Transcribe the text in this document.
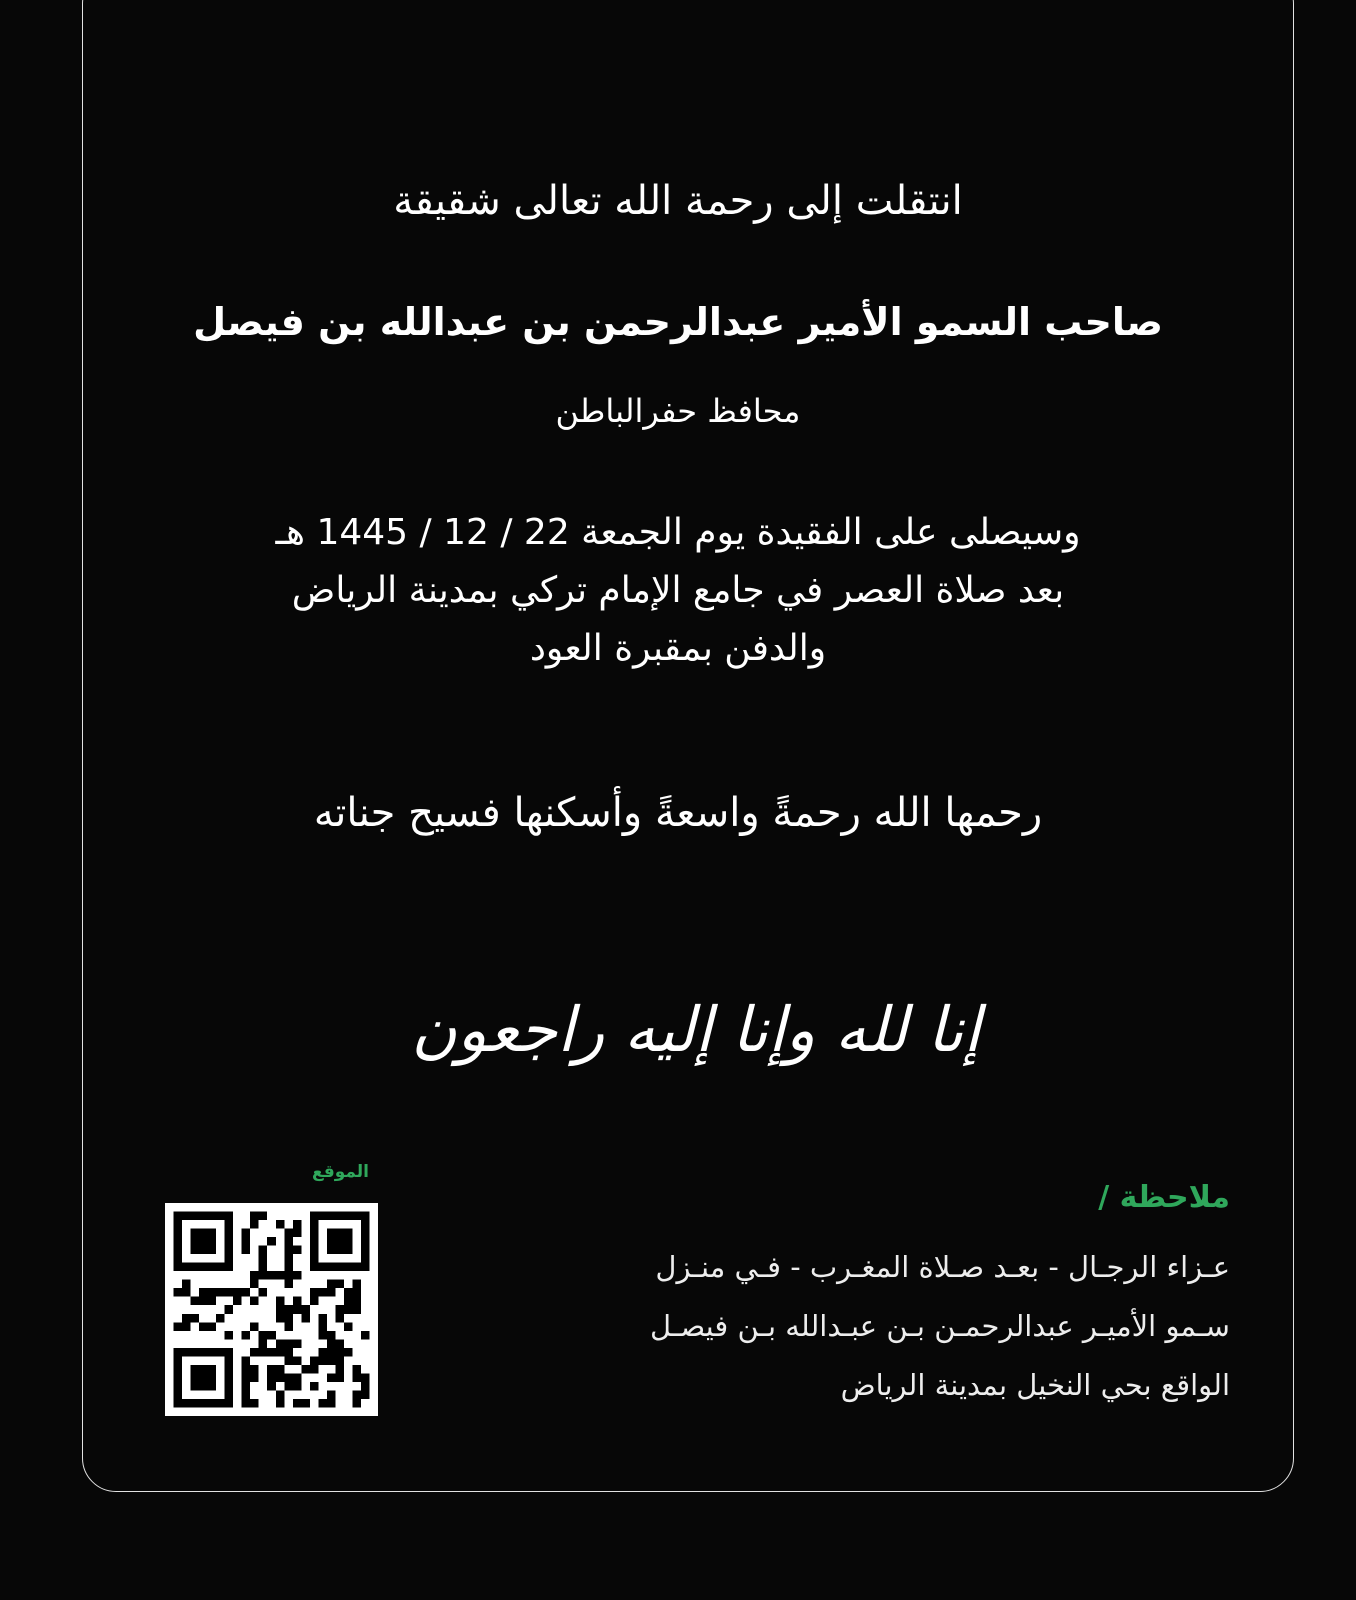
انتقلت إلى رحمة الله تعالى شقيقة
صاحب السمو الأمير عبدالرحمن بن عبدالله بن فيصل
محافظ حفرالباطن
وسيصلى على الفقيدة يوم الجمعة 22 / 12 / 1445 هـ
بعد صلاة العصر في جامع الإمام تركي بمدينة الرياض
والدفن بمقبرة العود
رحمها الله رحمةً واسعةً وأسكنها فسيح جناته
إنا لله وإنا إليه راجعون
الموقع
ملاحظة /
عـزاء الرجـال - بعـد صـلاة المغـرب - فـي منـزل
سـمو الأميـر عبدالرحمـن بـن عبـدالله بـن فيصـل
الواقع بحي النخيل بمدينة الرياض
